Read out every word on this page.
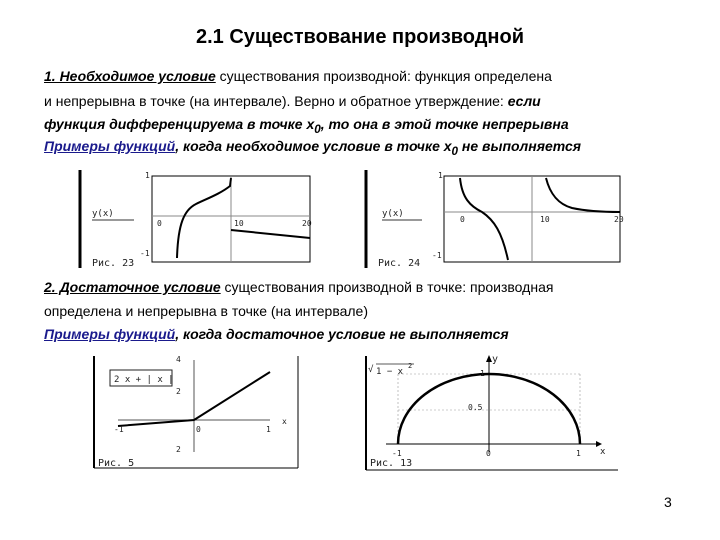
2.1 Существование производной
1. Необходимое условие существования производной: функция определена
и непрерывна в точке (на интервале). Верно и обратное утверждение: если
функция дифференцируема в точке $x_0$, то она в этой точке непрерывна
Примеры функций, когда необходимое условие в точке $x_0$ не выполняется
y(x)
1
-1
0	10	20
Рис. 23
y(x)
1
-1
0	10	20
Рис. 24
2. Достаточное условие существования производной в точке: производная
определена и непрерывна в точке (на интервале)
Примеры функций, когда достаточное условие не выполняется
2 x + | x |
4
2
2
-1	0	1
x
Рис. 5
y
√ 1 − x
2
1
0.5
-1	0	1 x
Рис. 13
3
